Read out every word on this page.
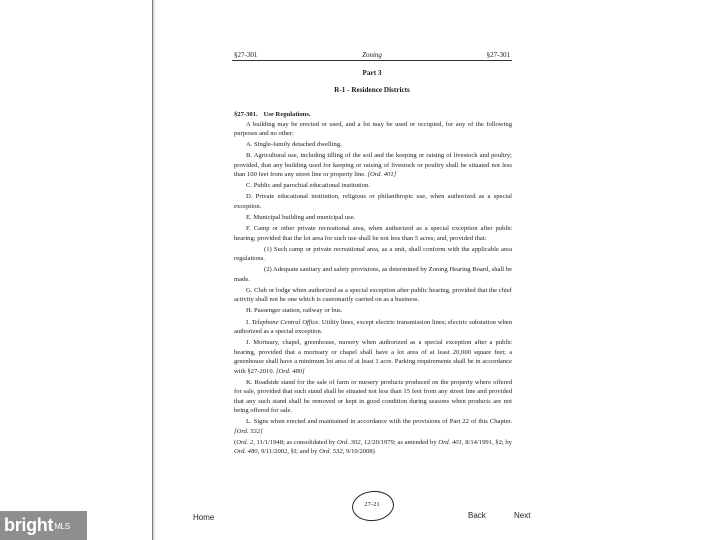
§27-301	Zoning	§27-301
Part 3
R-1 - Residence Districts
§27-301. Use Regulations.
A building may be erected or used, and a lot may be used or occupied, for any of the following purposes and no other:
A. Single-family detached dwelling.
B. Agricultural use, including tilling of the soil and the keeping or raising of livestock and poultry; provided, that any building used for keeping or raising of livestock or poultry shall be situated not less than 100 feet from any street line or property line. [Ord. 401]
C. Public and parochial educational institution.
D. Private educational institution, religious or philanthropic use, when authorized as a special exception.
E. Municipal building and municipal use.
F. Camp or other private recreational area, when authorized as a special exception after public hearing; provided that the lot area for such use shall be not less than 5 acres; and, provided that:
(1) Such camp or private recreational area, as a unit, shall conform with the applicable area regulations.
(2) Adequate sanitary and safety provisions, as determined by Zoning Hearing Board, shall be made.
G. Club or lodge when authorized as a special exception after public hearing, provided that the chief activity shall not be one which is customarily carried on as a business.
H. Passenger station, railway or bus.
I. Telephone Central Office. Utility lines, except electric transmission lines; electric substation when authorized as a special exception.
J. Mortuary, chapel, greenhouse, nursery when authorized as a special exception after a public hearing, provided that a mortuary or chapel shall have a lot area of at least 20,000 square feet; a greenhouse shall have a minimum lot area of at least 1 acre. Parking requirements shall be in accordance with §27-2010. [Ord. 480]
K. Roadside stand for the sale of farm or nursery products produced on the property where offered for sale, provided that such stand shall be situated not less than 15 feet from any street line and provided that any such stand shall be removed or kept in good condition during seasons when products are not being offered for sale.
L. Signs when erected and maintained in accordance with the provisions of Part 22 of this Chapter. [Ord. 532]
(Ord. 2, 11/1/1948; as consolidated by Ord. 302, 12/20/1979; as amended by Ord. 401, 8/14/1991, §2; by Ord. 480, 9/11/2002, §I; and by Ord. 532, 9/10/2008)
27-21
Home	Back	Next
brightMLS
